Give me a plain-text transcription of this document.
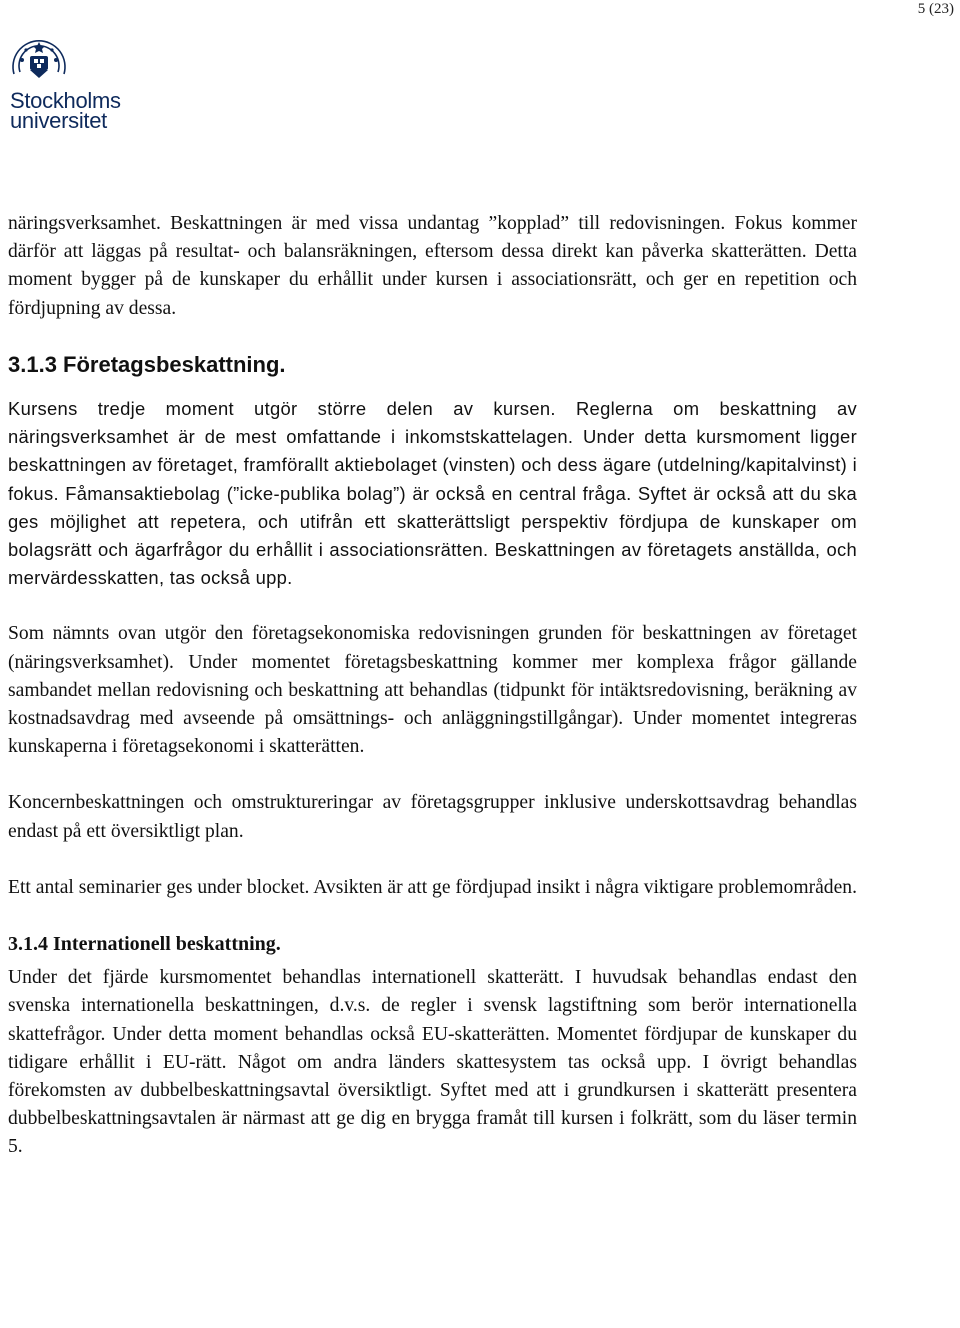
5 (23)
Stockholms
universitet

näringsverksamhet. Beskattningen är med vissa undantag ”kopplad” till redovisningen. Fokus kommer därför att läggas på resultat- och balansräkningen, eftersom dessa direkt kan påverka skatterätten. Detta moment bygger på de kunskaper du erhållit under kursen i associationsrätt, och ger en repetition och fördjupning av dessa.

3.1.3 Företagsbeskattning.

Kursens tredje moment utgör större delen av kursen. Reglerna om beskattning av näringsverksamhet är de mest omfattande i inkomstskattelagen. Under detta kursmoment ligger beskattningen av företaget, framförallt aktiebolaget (vinsten) och dess ägare (utdelning/kapitalvinst) i fokus. Fåmansaktiebolag (”icke-publika bolag”) är också en central fråga. Syftet är också att du ska ges möjlighet att repetera, och utifrån ett skatterättsligt perspektiv fördjupa de kunskaper om bolagsrätt och ägarfrågor du erhållit i associationsrätten. Beskattningen av företagets anställda, och mervärdesskatten, tas också upp.

Som nämnts ovan utgör den företagsekonomiska redovisningen grunden för beskattningen av företaget (näringsverksamhet). Under momentet företagsbeskattning kommer mer komplexa frågor gällande sambandet mellan redovisning och beskattning att behandlas (tidpunkt för intäktsredovisning, beräkning av kostnadsavdrag med avseende på omsättnings- och anläggningstillgångar). Under momentet integreras kunskaperna i företagsekonomi i skatterätten.

Koncernbeskattningen och omstruktureringar av företagsgrupper inklusive underskottsavdrag behandlas endast på ett översiktligt plan.

Ett antal seminarier ges under blocket. Avsikten är att ge fördjupad insikt i några viktigare problemområden.

3.1.4 Internationell beskattning.

Under det fjärde kursmomentet behandlas internationell skatterätt. I huvudsak behandlas endast den svenska internationella beskattningen, d.v.s. de regler i svensk lagstiftning som berör internationella skattefrågor. Under detta moment behandlas också EU-skatterätten. Momentet fördjupar de kunskaper du tidigare erhållit i EU-rätt. Något om andra länders skattesystem tas också upp. I övrigt behandlas förekomsten av dubbelbeskattningsavtal översiktligt. Syftet med att i grundkursen i skatterätt presentera dubbelbeskattningsavtalen är närmast att ge dig en brygga framåt till kursen i folkrätt, som du läser termin 5.
